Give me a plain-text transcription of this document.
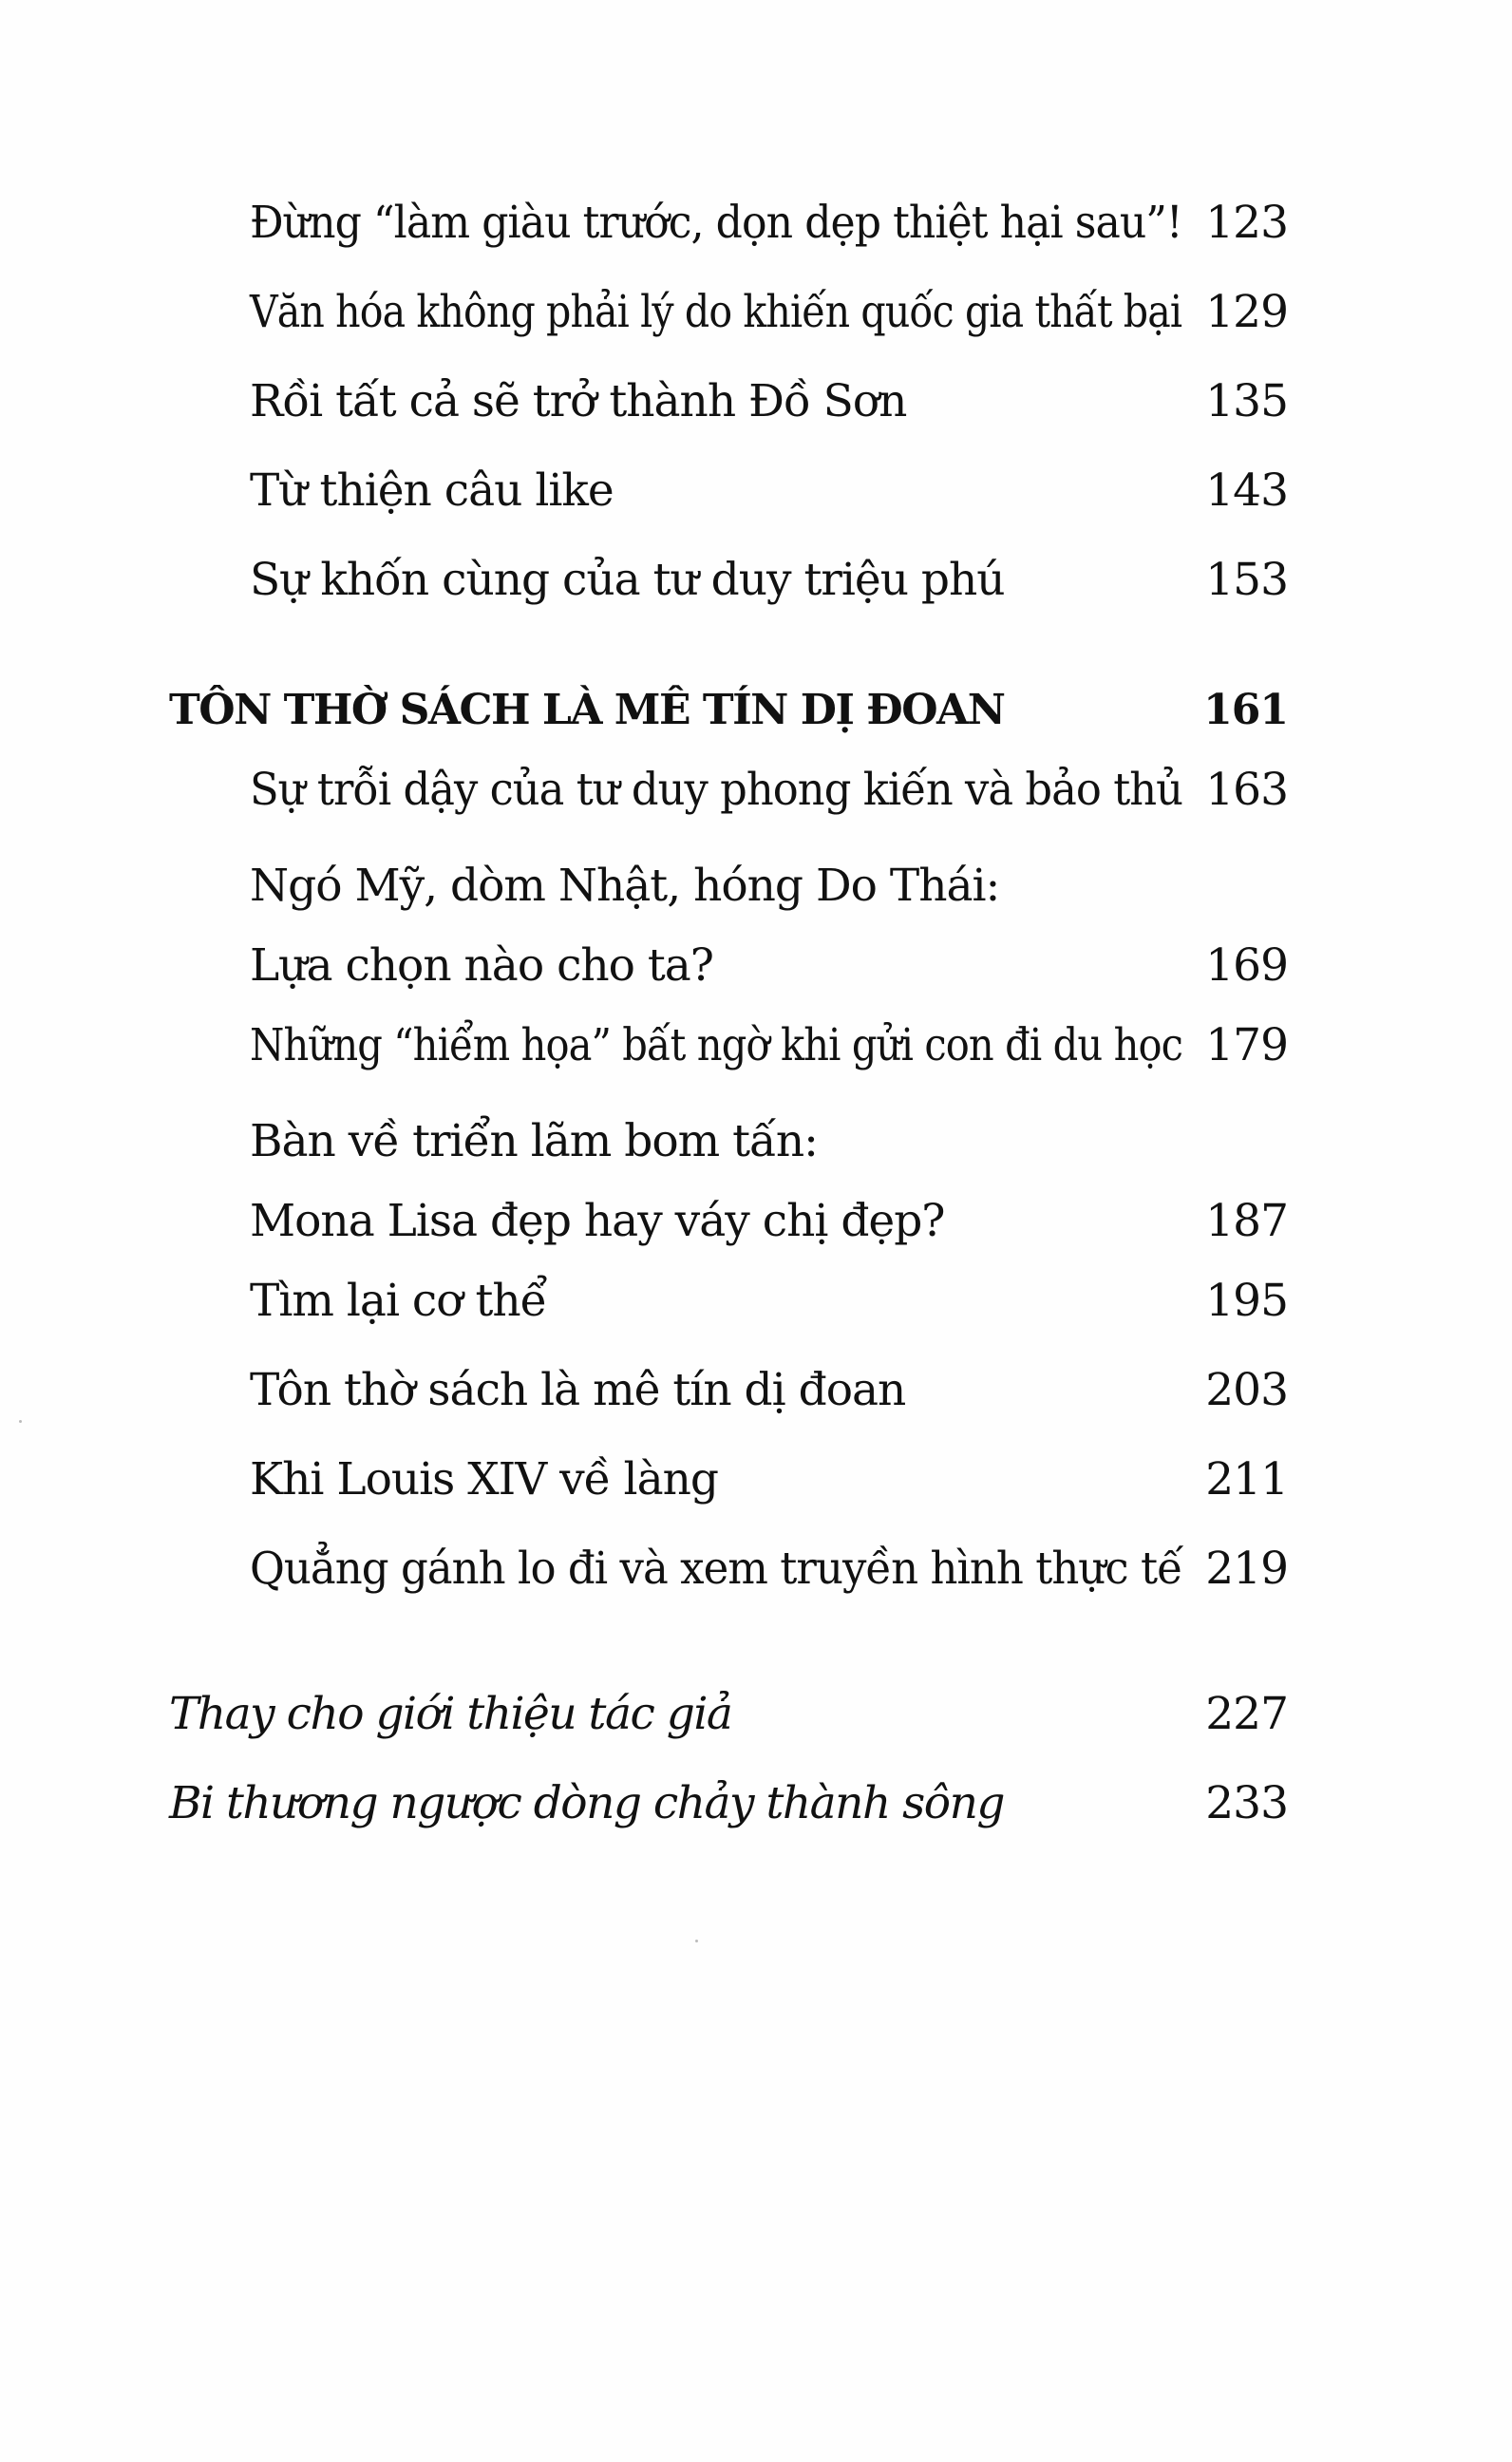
Đừng “làm giàu trước, dọn dẹp thiệt hại sau”! 123
Văn hóa không phải lý do khiến quốc gia thất bại 129
Rồi tất cả sẽ trở thành Đồ Sơn	135
Từ thiện câu like	143
Sự khốn cùng của tư duy triệu phú	153
TÔN THỜ SÁCH LÀ MÊ TÍN DỊ ĐOAN	161
Sự trỗi dậy của tư duy phong kiến và bảo thủ 163
Ngó Mỹ, dòm Nhật, hóng Do Thái:
Lựa chọn nào cho ta?	169
Những “hiểm họa” bất ngờ khi gửi con đi du học 179
Bàn về triển lãm bom tấn:
Mona Lisa đẹp hay váy chị đẹp?	187
Tìm lại cơ thể	195
Tôn thờ sách là mê tín dị đoan	203
Khi Louis XIV về làng	211
Quẳng gánh lo đi và xem truyền hình thực tế 219
Thay cho giới thiệu tác giả	227
Bi thương ngược dòng chảy thành sông	233
